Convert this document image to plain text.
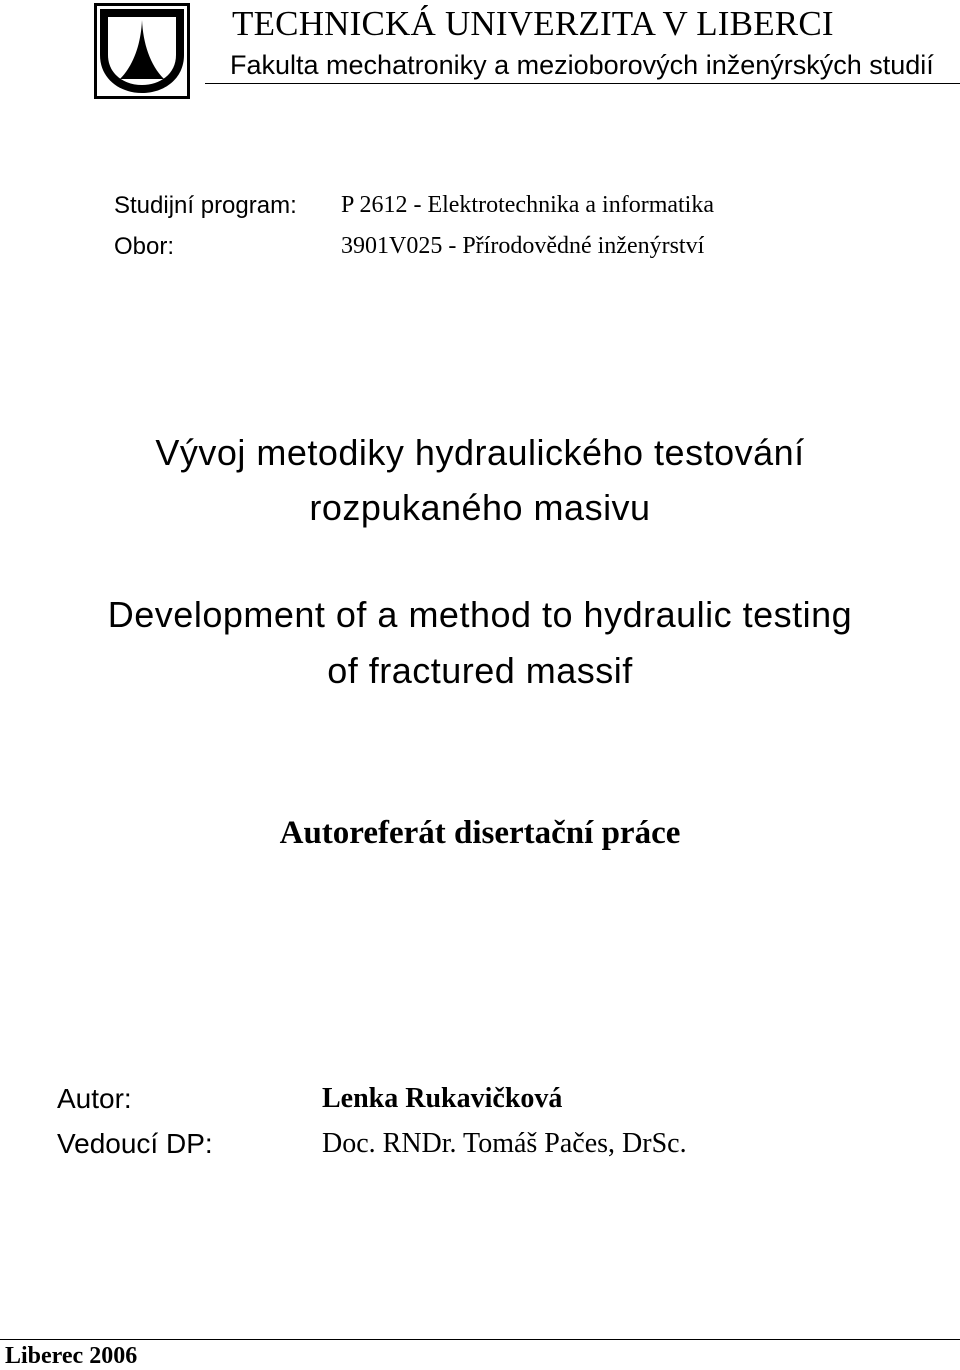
TECHNICKÁ UNIVERZITA V LIBERCI
Fakulta mechatroniky a mezioborových inženýrských studií
Studijní program: P 2612 - Elektrotechnika a informatika
Obor:	3901V025 - Přírodovědné inženýrství
Vývoj metodiky hydraulického testování
rozpukaného masivu
Development of a method to hydraulic testing
of fractured massif
Autoreferát disertační práce
Autor:	Lenka Rukavičková
Vedoucí DP:	Doc. RNDr. Tomáš Pačes, DrSc.
Liberec 2006
